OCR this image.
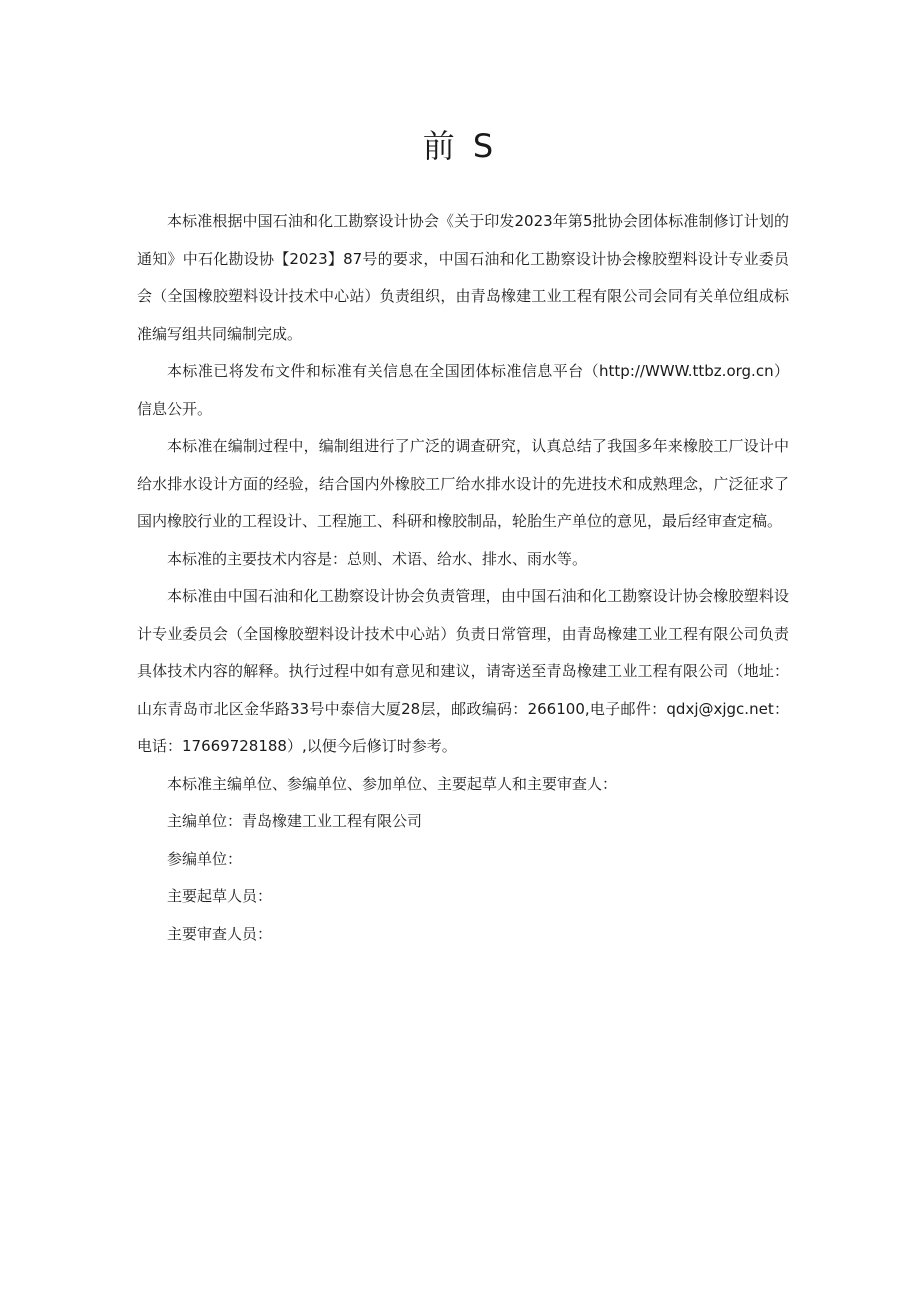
前 S

本标准根据中国石油和化工勘察设计协会《关于印发2023年第5批协会团体标准制修订计划的通知》中石化勘设协【2023】87号的要求，中国石油和化工勘察设计协会橡胶塑料设计专业委员会（全国橡胶塑料设计技术中心站）负责组织，由青岛橡建工业工程有限公司会同有关单位组成标准编写组共同编制完成。

本标准已将发布文件和标准有关信息在全国团体标准信息平台（http://WWW.ttbz.org.cn）信息公开。

本标准在编制过程中，编制组进行了广泛的调查研究，认真总结了我国多年来橡胶工厂设计中给水排水设计方面的经验，结合国内外橡胶工厂给水排水设计的先进技术和成熟理念，广泛征求了国内橡胶行业的工程设计、工程施工、科研和橡胶制品，轮胎生产单位的意见，最后经审查定稿。

本标准的主要技术内容是：总则、术语、给水、排水、雨水等。

本标准由中国石油和化工勘察设计协会负责管理，由中国石油和化工勘察设计协会橡胶塑料设计专业委员会（全国橡胶塑料设计技术中心站）负责日常管理，由青岛橡建工业工程有限公司负责具体技术内容的解释。执行过程中如有意见和建议，请寄送至青岛橡建工业工程有限公司（地址：山东青岛市北区金华路33号中泰信大厦28层，邮政编码：266100,电子邮件：qdxj@xjgc.net：电话：17669728188）,以便今后修订时参考。

本标准主编单位、参编单位、参加单位、主要起草人和主要审查人：

主编单位：青岛橡建工业工程有限公司

参编单位：

主要起草人员：

主要审查人员：
